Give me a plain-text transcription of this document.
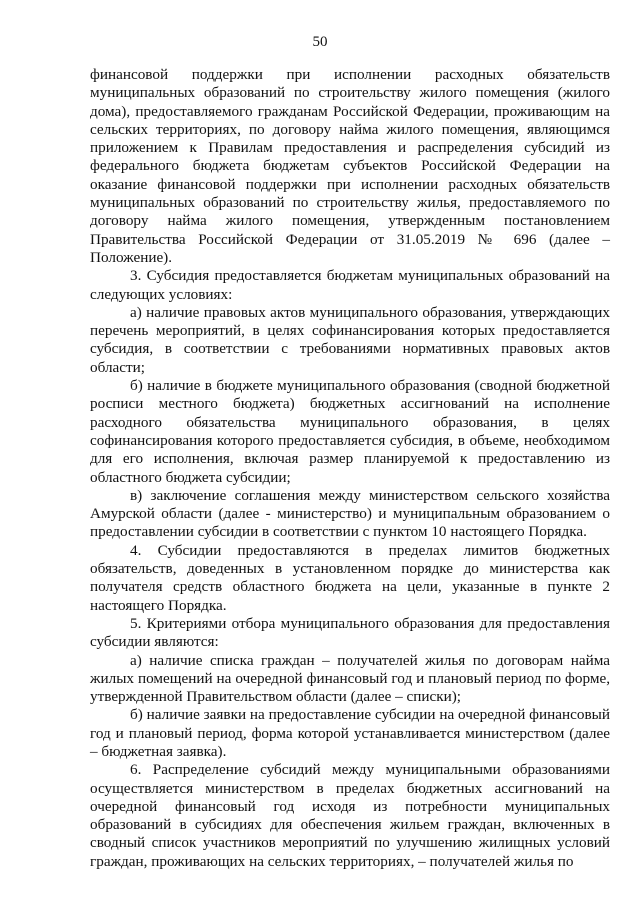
50

финансовой поддержки при исполнении расходных обязательств муниципальных образований по строительству жилого помещения (жилого дома), предоставляемого гражданам Российской Федерации, проживающим на сельских территориях, по договору найма жилого помещения, являющимся приложением к Правилам предоставления и распределения субсидий из федерального бюджета бюджетам субъектов Российской Федерации на оказание финансовой поддержки при исполнении расходных обязательств муниципальных образований по строительству жилья, предоставляемого по договору найма жилого помещения, утвержденным постановлением Правительства Российской Федерации от 31.05.2019 № 696 (далее – Положение).

3. Субсидия предоставляется бюджетам муниципальных образований на следующих условиях:

а) наличие правовых актов муниципального образования, утверждающих перечень мероприятий, в целях софинансирования которых предоставляется субсидия, в соответствии с требованиями нормативных правовых актов области;

б) наличие в бюджете муниципального образования (сводной бюджетной росписи местного бюджета) бюджетных ассигнований на исполнение расходного обязательства муниципального образования, в целях софинансирования которого предоставляется субсидия, в объеме, необходимом для его исполнения, включая размер планируемой к предоставлению из областного бюджета субсидии;

в) заключение соглашения между министерством сельского хозяйства Амурской области (далее - министерство) и муниципальным образованием о предоставлении субсидии в соответствии с пунктом 10 настоящего Порядка.

4. Субсидии предоставляются в пределах лимитов бюджетных обязательств, доведенных в установленном порядке до министерства как получателя средств областного бюджета на цели, указанные в пункте 2 настоящего Порядка.

5. Критериями отбора муниципального образования для предоставления субсидии являются:

а) наличие списка граждан – получателей жилья по договорам найма жилых помещений на очередной финансовый год и плановый период по форме, утвержденной Правительством области (далее – списки);

б) наличие заявки на предоставление субсидии на очередной финансовый год и плановый период, форма которой устанавливается министерством (далее – бюджетная заявка).

6. Распределение субсидий между муниципальными образованиями осуществляется министерством в пределах бюджетных ассигнований на очередной финансовый год исходя из потребности муниципальных образований в субсидиях для обеспечения жильем граждан, включенных в сводный список участников мероприятий по улучшению жилищных условий граждан, проживающих на сельских территориях, – получателей жилья по
